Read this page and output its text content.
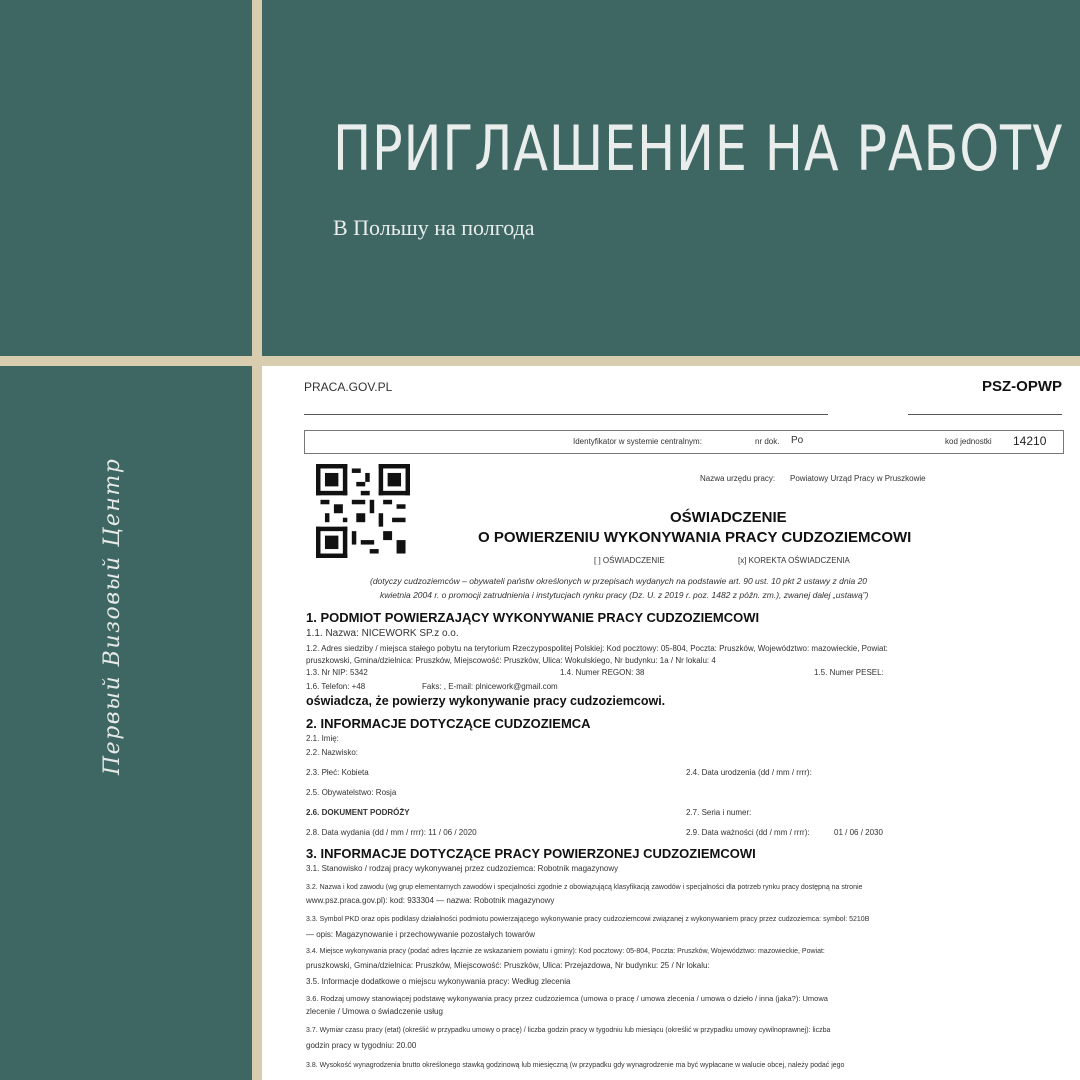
ПРИГЛАШЕНИЕ НА РАБОТУ
В Польшу на полгода
Первый Визовый Центр
PRACA.GOV.PL	PSZ-OPWP
Identyfikator w systemie centralnym:	nr dok. Po	kod jednostki 14210
Nazwa urzędu pracy: Powiatowy Urząd Pracy w Pruszkowie
OŚWIADCZENIE
O POWIERZENIU WYKONYWANIA PRACY CUDZOZIEMCOWI
[ ] OŚWIADCZENIE	[x] KOREKTA OŚWIADCZENIA
(dotyczy cudzoziemców – obywateli państw określonych w przepisach wydanych na podstawie art. 90 ust. 10 pkt 2 ustawy z dnia 20
kwietnia 2004 r. o promocji zatrudnienia i instytucjach rynku pracy (Dz. U. z 2019 r. poz. 1482 z późn. zm.), zwanej dalej „ustawą”)
1. PODMIOT POWIERZAJĄCY WYKONYWANIE PRACY CUDZOZIEMCOWI
1.1. Nazwa: NICEWORK SP.z o.o.
1.2. Adres siedziby / miejsca stałego pobytu na terytorium Rzeczypospolitej Polskiej: Kod pocztowy: 05-804, Poczta: Pruszków, Województwo: mazowieckie, Powiat:
pruszkowski, Gmina/dzielnica: Pruszków, Miejscowość: Pruszków, Ulica: Wokulskiego, Nr budynku: 1a / Nr lokalu: 4
1.3. Nr NIP: 5342	1.4. Numer REGON: 38	1.5. Numer PESEL:
1.6. Telefon: +48	Faks: , E-mail: plnicework@gmail.com
oświadcza, że powierzy wykonywanie pracy cudzoziemcowi.
2. INFORMACJE DOTYCZĄCE CUDZOZIEMCA
2.1. Imię:
2.2. Nazwisko:
2.3. Płeć: Kobieta	2.4. Data urodzenia (dd / mm / rrrr):
2.5. Obywatelstwo: Rosja
2.6. DOKUMENT PODRÓŻY	2.7. Seria i numer:
2.8. Data wydania (dd / mm / rrrr): 11 / 06 / 2020	2.9. Data ważności (dd / mm / rrrr):	01 / 06 / 2030
3. INFORMACJE DOTYCZĄCE PRACY POWIERZONEJ CUDZOZIEMCOWI
3.1. Stanowisko / rodzaj pracy wykonywanej przez cudzoziemca: Robotnik magazynowy
3.2. Nazwa i kod zawodu (wg grup elementarnych zawodów i specjalności zgodnie z obowiązującą klasyfikacją zawodów i specjalności dla potrzeb rynku pracy dostępną na stronie
www.psz.praca.gov.pl): kod: 933304 — nazwa: Robotnik magazynowy
3.3. Symbol PKD oraz opis podklasy działalności podmiotu powierzającego wykonywanie pracy cudzoziemcowi związanej z wykonywaniem pracy przez cudzoziemca: symbol: 5210B
— opis: Magazynowanie i przechowywanie pozostałych towarów
3.4. Miejsce wykonywania pracy (podać adres łącznie ze wskazaniem powiatu i gminy): Kod pocztowy: 05-804, Poczta: Pruszków, Województwo: mazowieckie, Powiat:
pruszkowski, Gmina/dzielnica: Pruszków, Miejscowość: Pruszków, Ulica: Przejazdowa, Nr budynku: 25 / Nr lokalu:
3.5. Informacje dodatkowe o miejscu wykonywania pracy: Według zlecenia
3.6. Rodzaj umowy stanowiącej podstawę wykonywania pracy przez cudzoziemca (umowa o pracę / umowa zlecenia / umowa o dzieło / inna (jaka?): Umowa
zlecenie / Umowa o świadczenie usług
3.7. Wymiar czasu pracy (etat) (określić w przypadku umowy o pracę) / liczba godzin pracy w tygodniu lub miesiącu (określić w przypadku umowy cywilnoprawnej): liczba
godzin pracy w tygodniu: 20.00
3.8. Wysokość wynagrodzenia brutto określonego stawką godzinową lub miesięczną (w przypadku gdy wynagrodzenie ma być wypłacane w walucie obcej, należy podać jego
